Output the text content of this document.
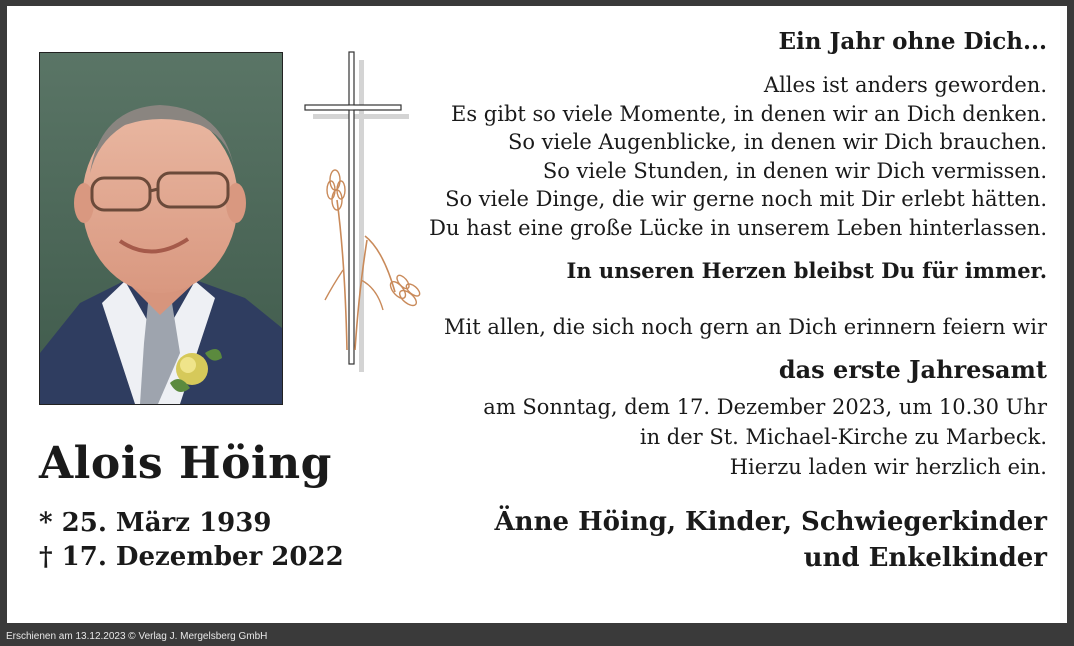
Alois Höing
* 25. März 1939
† 17. Dezember 2022
Ein Jahr ohne Dich...
Alles ist anders geworden.
Es gibt so viele Momente, in denen wir an Dich denken.
So viele Augenblicke, in denen wir Dich brauchen.
So viele Stunden, in denen wir Dich vermissen.
So viele Dinge, die wir gerne noch mit Dir erlebt hätten.
Du hast eine große Lücke in unserem Leben hinterlassen.
In unseren Herzen bleibst Du für immer.
Mit allen, die sich noch gern an Dich erinnern feiern wir
das erste Jahresamt
am Sonntag, dem 17. Dezember 2023, um 10.30 Uhr
in der St. Michael-Kirche zu Marbeck.
Hierzu laden wir herzlich ein.
Änne Höing, Kinder, Schwiegerkinder
und Enkelkinder
Erschienen am 13.12.2023 © Verlag J. Mergelsberg GmbH
